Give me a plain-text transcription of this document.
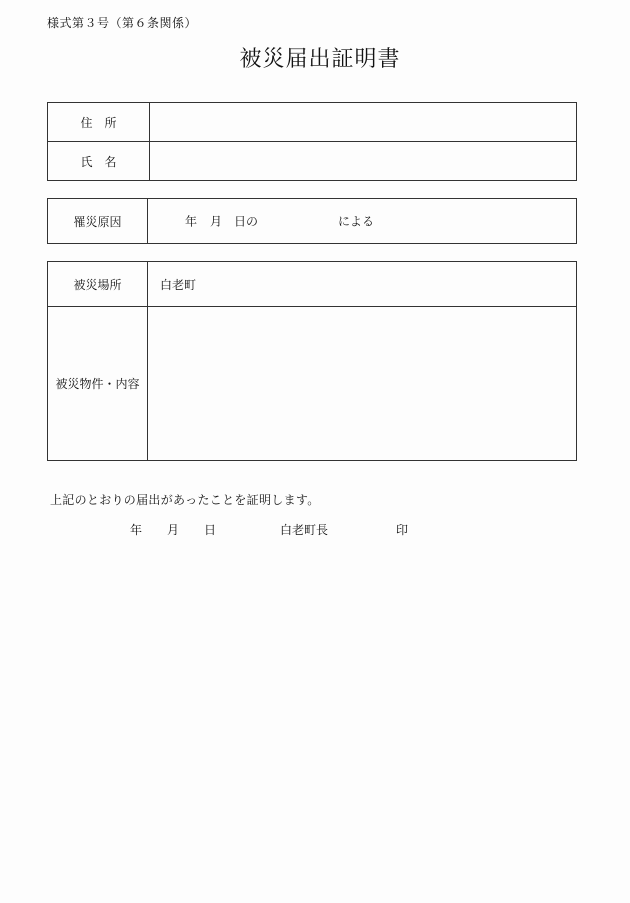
様式第３号（第６条関係）
被災届出証明書
住　所	
氏　名	
罹災原因	年 月 日の	による
被災場所	白老町
被災物件・内容	
上記のとおりの届出があったことを証明します。
年 月 日	白老町長	印
